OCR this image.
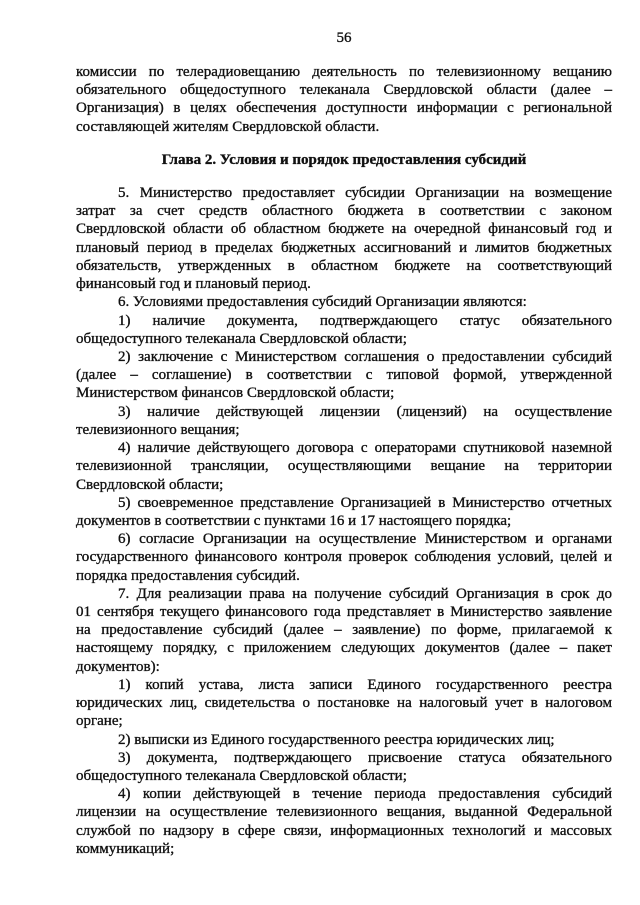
56
комиссии по телерадиовещанию деятельность по телевизионному вещанию
обязательного общедоступного телеканала Свердловской области (далее –
Организация) в целях обеспечения доступности информации с региональной
составляющей жителям Свердловской области.
Глава 2. Условия и порядок предоставления субсидий
5. Министерство предоставляет субсидии Организации на возмещение
затрат за счет средств областного бюджета в соответствии с законом
Свердловской области об областном бюджете на очередной финансовый год и
плановый период в пределах бюджетных ассигнований и лимитов бюджетных
обязательств, утвержденных в областном бюджете на соответствующий
финансовый год и плановый период.
6. Условиями предоставления субсидий Организации являются:
1) наличие документа, подтверждающего статус обязательного
общедоступного телеканала Свердловской области;
2) заключение с Министерством соглашения о предоставлении субсидий
(далее – соглашение) в соответствии с типовой формой, утвержденной
Министерством финансов Свердловской области;
3) наличие действующей лицензии (лицензий) на осуществление
телевизионного вещания;
4) наличие действующего договора с операторами спутниковой наземной
телевизионной трансляции, осуществляющими вещание на территории
Свердловской области;
5) своевременное представление Организацией в Министерство отчетных
документов в соответствии с пунктами 16 и 17 настоящего порядка;
6) согласие Организации на осуществление Министерством и органами
государственного финансового контроля проверок соблюдения условий, целей и
порядка предоставления субсидий.
7. Для реализации права на получение субсидий Организация в срок до
01 сентября текущего финансового года представляет в Министерство заявление
на предоставление субсидий (далее – заявление) по форме, прилагаемой к
настоящему порядку, с приложением следующих документов (далее – пакет
документов):
1) копий устава, листа записи Единого государственного реестра
юридических лиц, свидетельства о постановке на налоговый учет в налоговом
органе;
2) выписки из Единого государственного реестра юридических лиц;
3) документа, подтверждающего присвоение статуса обязательного
общедоступного телеканала Свердловской области;
4) копии действующей в течение периода предоставления субсидий
лицензии на осуществление телевизионного вещания, выданной Федеральной
службой по надзору в сфере связи, информационных технологий и массовых
коммуникаций;
